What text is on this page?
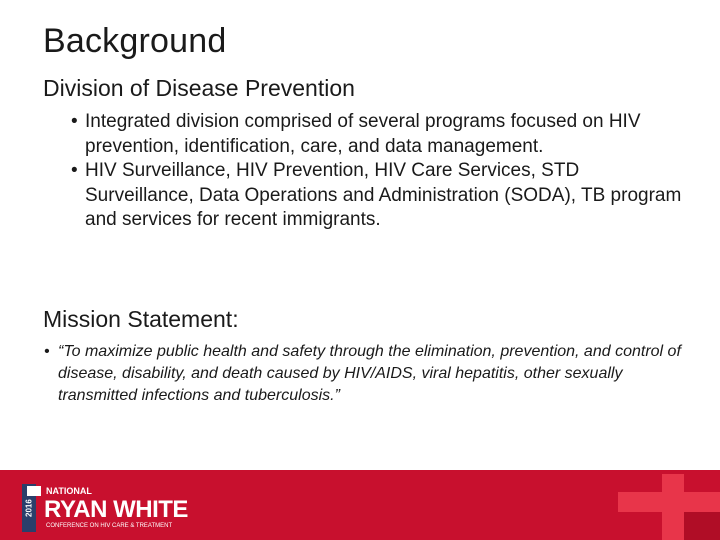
Background
Division of Disease Prevention
• Integrated division comprised of several programs focused on HIV prevention, identification, care, and data management.
• HIV Surveillance, HIV Prevention, HIV Care Services, STD Surveillance, Data Operations and Administration (SODA), TB program and services for recent immigrants.
Mission Statement:
• “To maximize public health and safety through the elimination, prevention, and control of disease, disability, and death caused by HIV/AIDS, viral hepatitis, other sexually transmitted infections and tuberculosis.”
2016
NATIONAL
RYAN WHITE
CONFERENCE ON HIV CARE & TREATMENT
